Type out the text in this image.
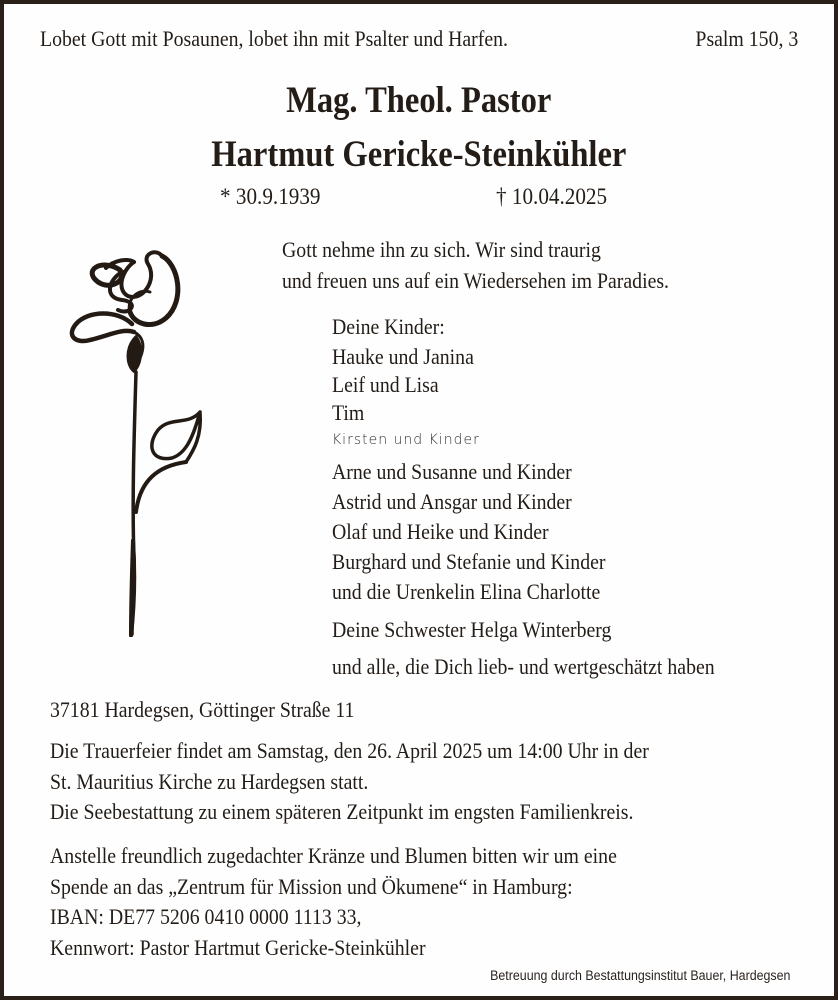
Lobet Gott mit Posaunen, lobet ihn mit Psalter und Harfen.	Psalm 150, 3
Mag. Theol. Pastor
Hartmut Gericke-Steinkühler
* 30.9.1939	† 10.04.2025
Gott nehme ihn zu sich. Wir sind traurig
und freuen uns auf ein Wiedersehen im Paradies.
Deine Kinder:
Hauke und Janina
Leif und Lisa
Tim
Kirsten und Kinder
Arne und Susanne und Kinder
Astrid und Ansgar und Kinder
Olaf und Heike und Kinder
Burghard und Stefanie und Kinder
und die Urenkelin Elina Charlotte
Deine Schwester Helga Winterberg
und alle, die Dich lieb- und wertgeschätzt haben
37181 Hardegsen, Göttinger Straße 11
Die Trauerfeier findet am Samstag, den 26. April 2025 um 14:00 Uhr in der
St. Mauritius Kirche zu Hardegsen statt.
Die Seebestattung zu einem späteren Zeitpunkt im engsten Familienkreis.
Anstelle freundlich zugedachter Kränze und Blumen bitten wir um eine
Spende an das „Zentrum für Mission und Ökumene“ in Hamburg:
IBAN: DE77 5206 0410 0000 1113 33,
Kennwort: Pastor Hartmut Gericke-Steinkühler
Betreuung durch Bestattungsinstitut Bauer, Hardegsen
